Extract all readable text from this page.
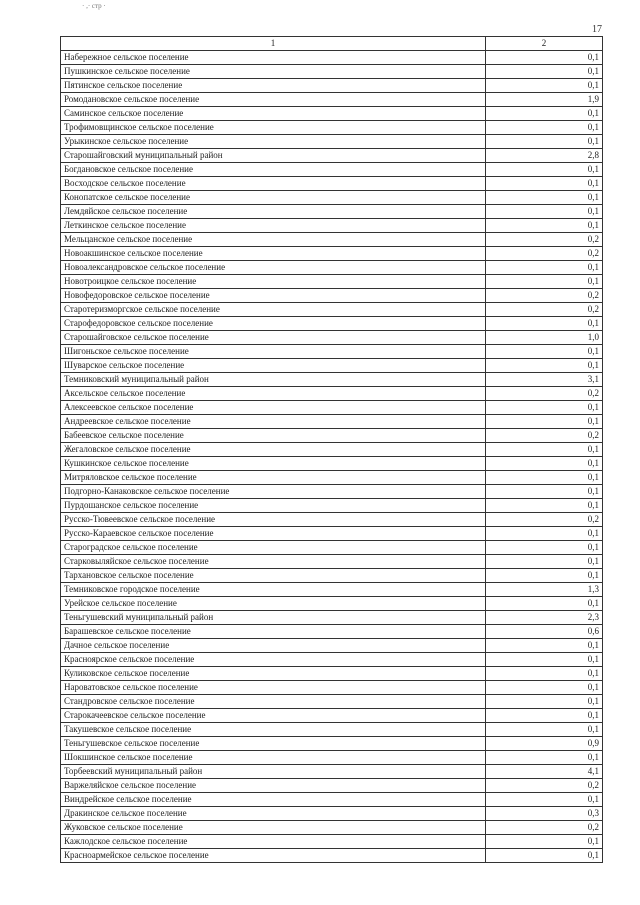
· ,· стр ·
17
1	2
Набережное сельское поселение	0,1
Пушкинское сельское поселение	0,1
Пятинское сельское поселение	0,1
Ромодановское сельское поселение	1,9
Саминское сельское поселение	0,1
Трофимовщинское сельское поселение	0,1
Урыкинское сельское поселение	0,1
Старошайговский муниципальный район	2,8
Богдановское сельское поселение	0,1
Восходское сельское поселение	0,1
Конопатское сельское поселение	0,1
Лемдяйское сельское поселение	0,1
Леткинское сельское поселение	0,1
Мельцанское сельское поселение	0,2
Новоакшинское сельское поселение	0,2
Новоалександровское сельское поселение	0,1
Новотроицкое сельское поселение	0,1
Новофедоровское сельское поселение	0,2
Старотеризморгское сельское поселение	0,2
Старофедоровское сельское поселение	0,1
Старошайговское сельское поселение	1,0
Шигоньское сельское поселение	0,1
Шуварское сельское поселение	0,1
Темниковский муниципальный район	3,1
Аксельское сельское поселение	0,2
Алексеевское сельское поселение	0,1
Андреевское сельское поселение	0,1
Бабеевское сельское поселение	0,2
Жегаловское сельское поселение	0,1
Кушкинское сельское поселение	0,1
Митряловское сельское поселение	0,1
Подгорно-Канаковское сельское поселение	0,1
Пурдошанское сельское поселение	0,1
Русско-Тювеевское сельское поселение	0,2
Русско-Караевское сельское поселение	0,1
Староградское сельское поселение	0,1
Старковыляйское сельское поселение	0,1
Тархановское сельское поселение	0,1
Темниковское городское поселение	1,3
Урейское сельское поселение	0,1
Теньгушевский муниципальный район	2,3
Барашевское сельское поселение	0,6
Дачное сельское поселение	0,1
Красноярское сельское поселение	0,1
Куликовское сельское поселение	0,1
Нароватовское сельское поселение	0,1
Стандровское сельское поселение	0,1
Старокачеевское сельское поселение	0,1
Такушевское сельское поселение	0,1
Теньгушевское сельское поселение	0,9
Шокшинское сельское поселение	0,1
Торбеевский муниципальный район	4,1
Варжеляйское сельское поселение	0,2
Виндрейское сельское поселение	0,1
Дракинское сельское поселение	0,3
Жуковское сельское поселение	0,2
Кажлодское сельское поселение	0,1
Красноармейское сельское поселение	0,1
